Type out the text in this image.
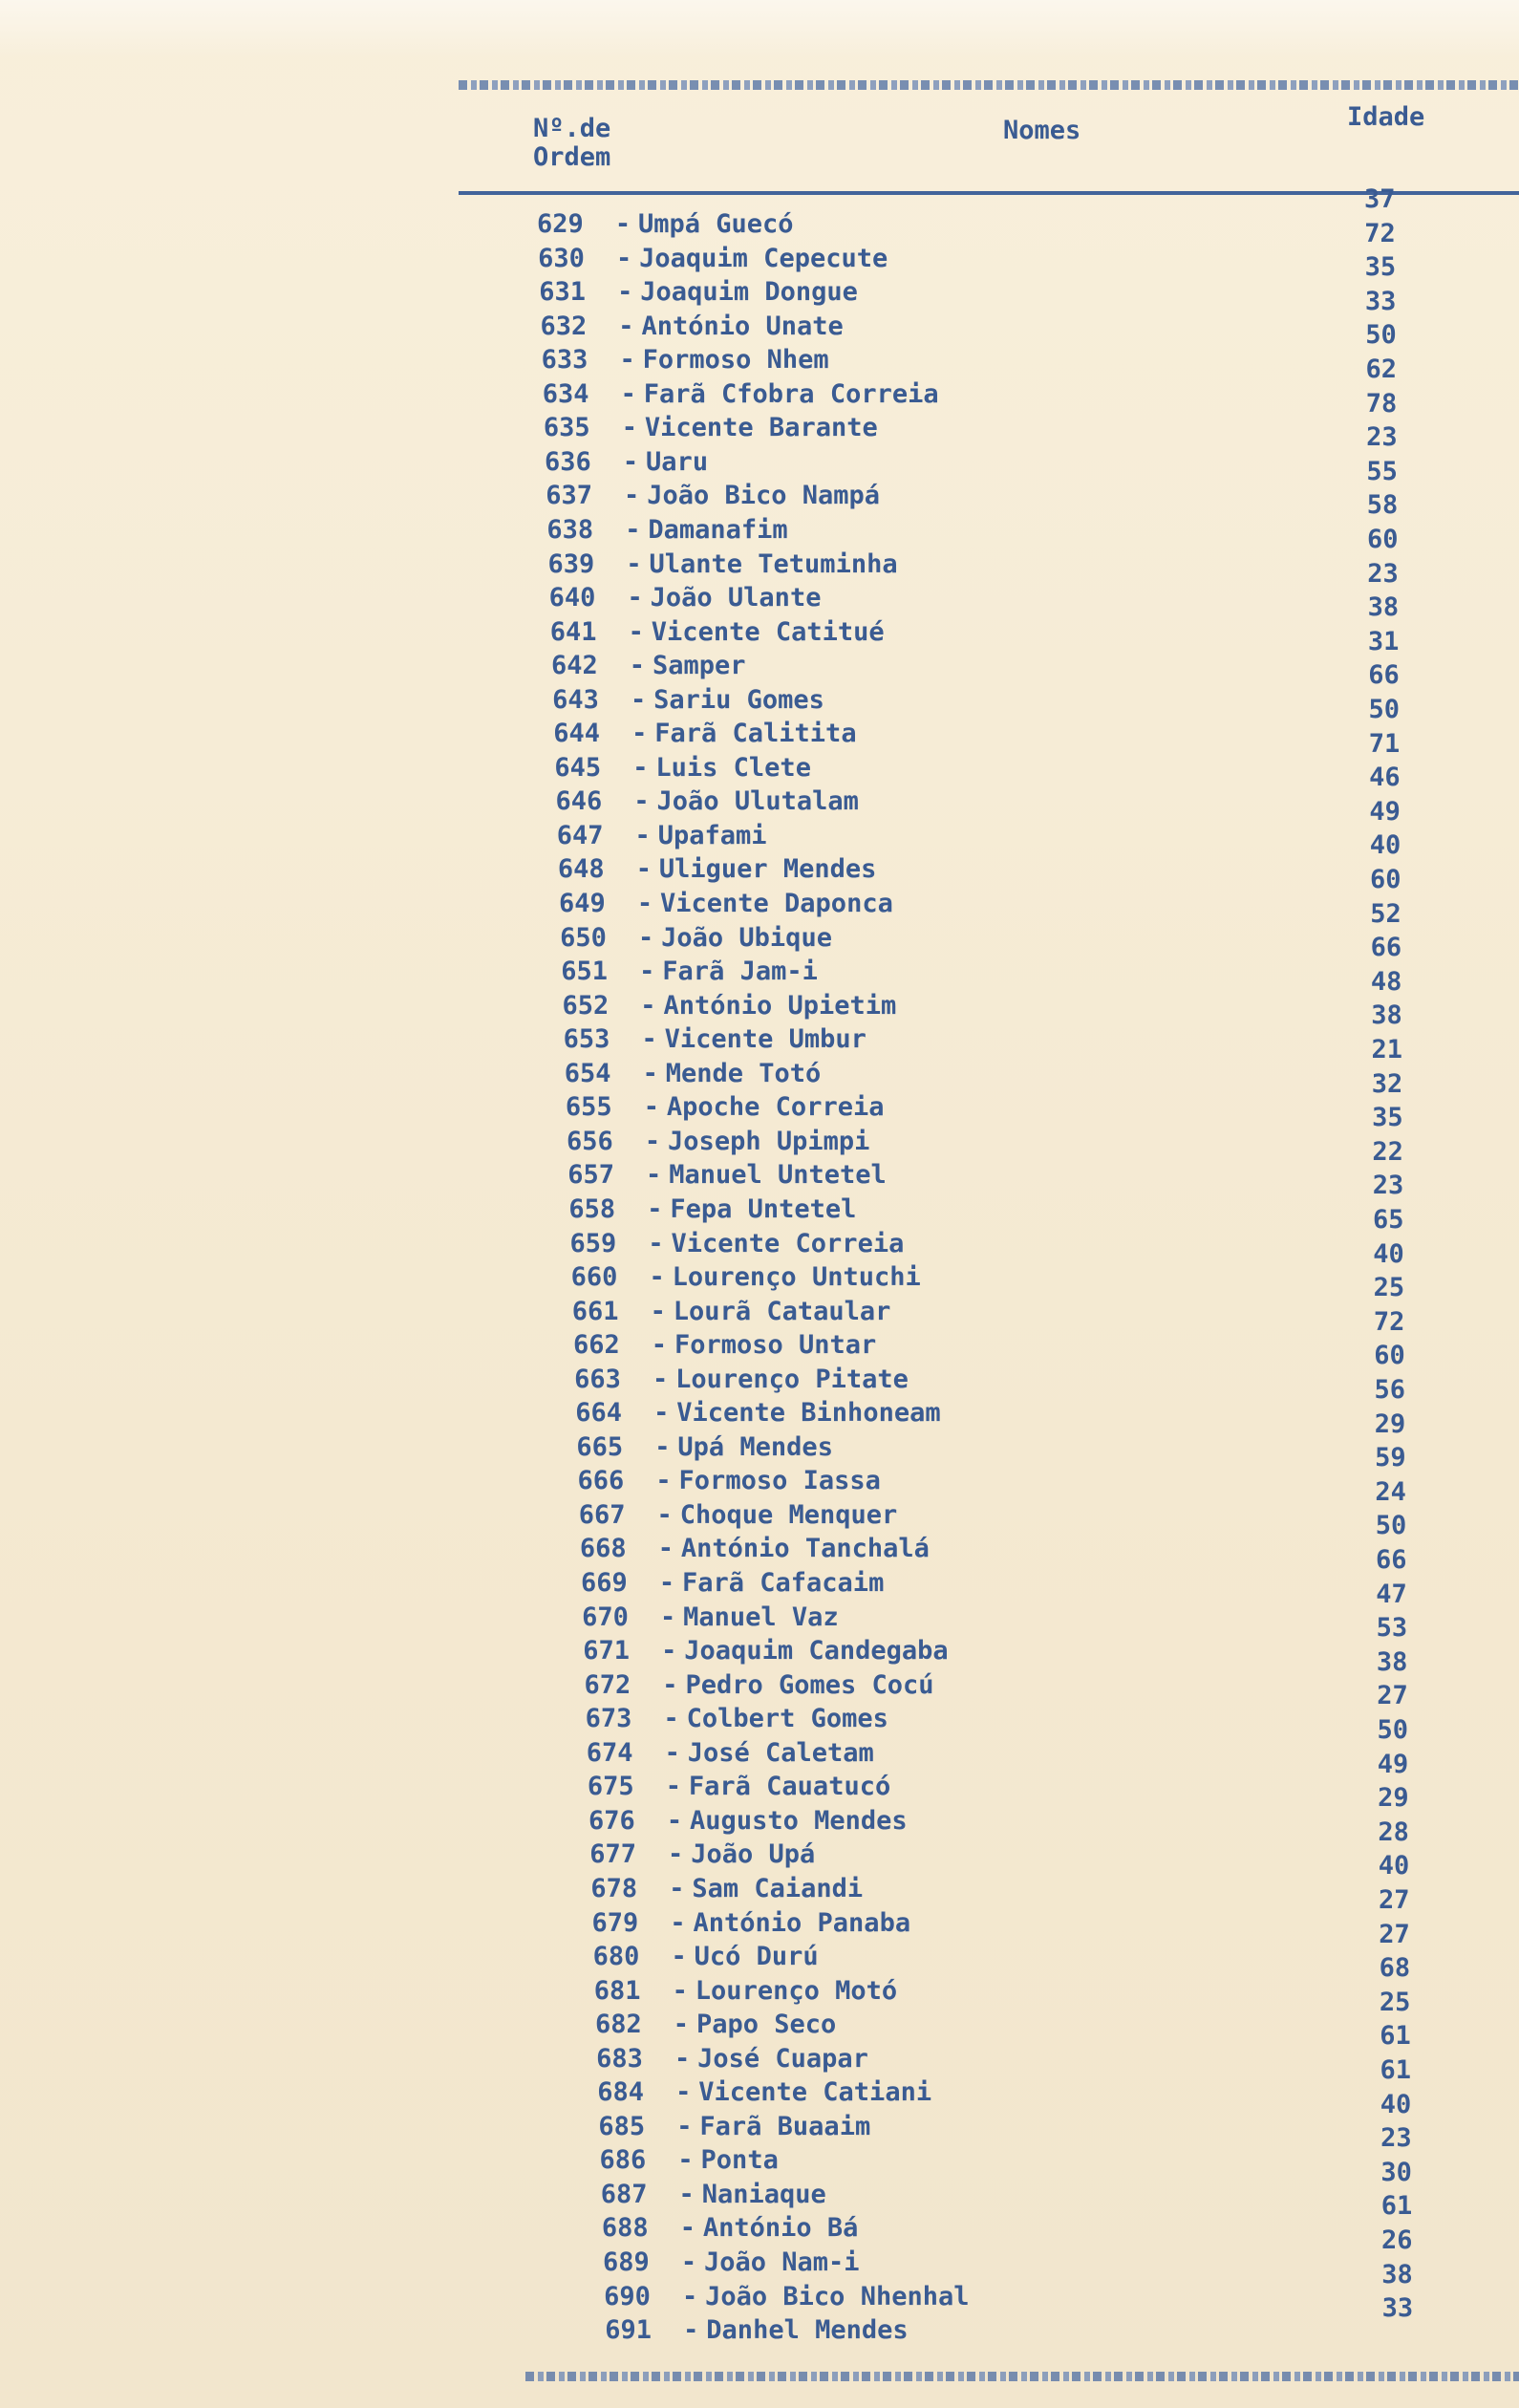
Nº.de
Ordem
Nomes	Idade
629 - Umpá Guecó
630 - Joaquim Cepecute
631 - Joaquim Dongue
632 - António Unate
633 - Formoso Nhem
634 - Farã Cfobra Correia
635 - Vicente Barante
636 - Uaru
637 - João Bico Nampá
638 - Damanafim
639 - Ulante Tetuminha
640 - João Ulante
641 - Vicente Catitué
642 - Samper
643 - Sariu Gomes
644 - Farã Calitita
645 - Luis Clete
646 - João Ulutalam
647 - Upafami
648 - Uliguer Mendes
649 - Vicente Daponca
650 - João Ubique
651 - Farã Jam-i
652 - António Upietim
653 - Vicente Umbur
654 - Mende Totó
655 - Apoche Correia
656 - Joseph Upimpi
657 - Manuel Untetel
658 - Fepa Untetel
659 - Vicente Correia
660 - Lourenço Untuchi
661 - Lourã Cataular
662 - Formoso Untar
663 - Lourenço Pitate
664 - Vicente Binhoneam
665 - Upá Mendes
666 - Formoso Iassa
667 - Choque Menquer
668 - António Tanchalá
669 - Farã Cafacaim
670 - Manuel Vaz
671 - Joaquim Candegaba
672 - Pedro Gomes Cocú
673 - Colbert Gomes
674 - José Caletam
675 - Farã Cauatucó
676 - Augusto Mendes
677 - João Upá
678 - Sam Caiandi
679 - António Panaba
680 - Ucó Durú
681 - Lourenço Motó
682 - Papo Seco
683 - José Cuapar
684 - Vicente Catiani
685 - Farã Buaaim
686 - Ponta
687 - Naniaque
688 - António Bá
689 - João Nam-i
690 - João Bico Nhenhal
691 - Danhel Mendes
37
72
35
33
50
62
78
23
55
58
60
23
38
31
66
50
71
46
49
40
60
52
66
48
38
21
32
35
22
23
65
40
25
72
60
56
29
59
24
50
66
47
53
38
27
50
49
29
28
40
27
27
68
25
61
61
40
23
30
61
26
38
33
